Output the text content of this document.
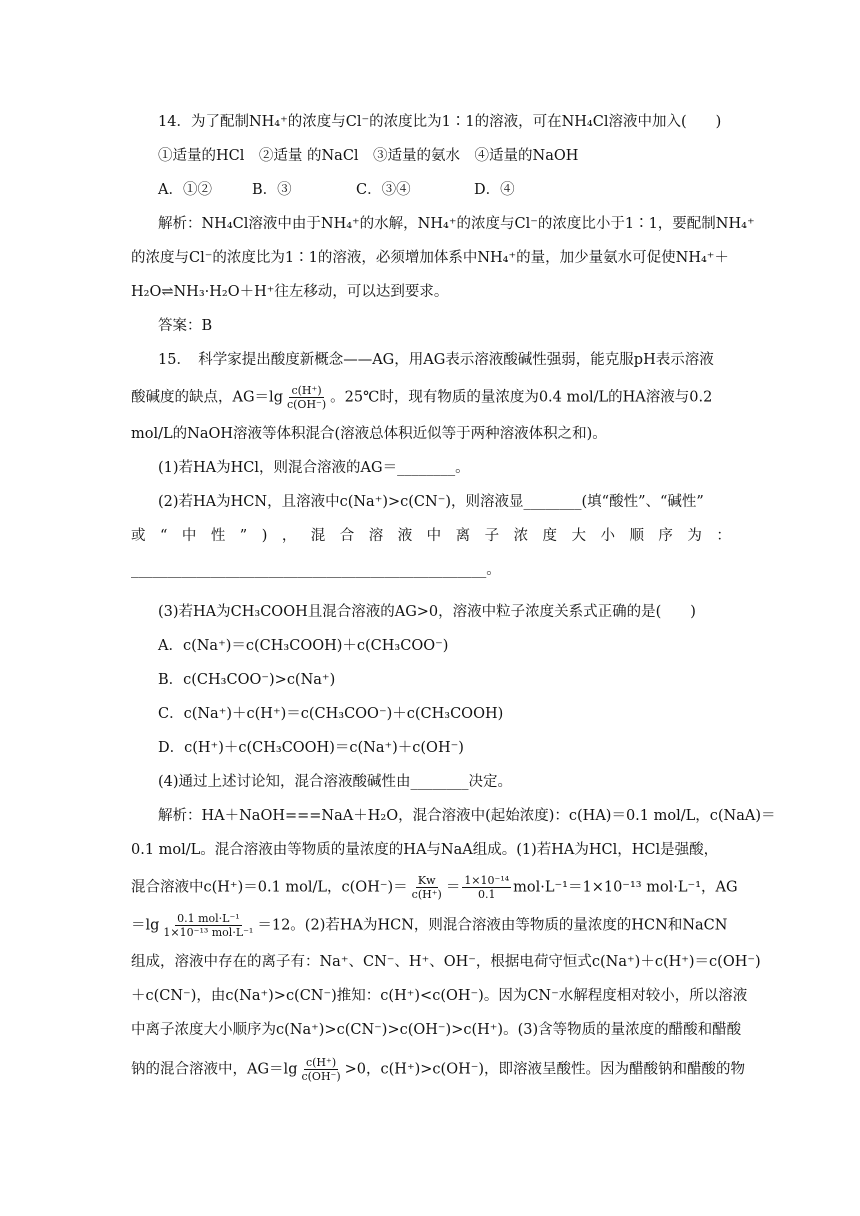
14．为了配制NH₄⁺的浓度与Cl⁻的浓度比为1∶1的溶液，可在NH₄Cl溶液中加入(　　)
①适量的HCl　②适量 的NaCl　③适量的氨水　④适量的NaOH
A．①②	B．③	C．③④	D．④
解析：NH₄Cl溶液中由于NH₄⁺的水解，NH₄⁺的浓度与Cl⁻的浓度比小于1∶1，要配制NH₄⁺
的浓度与Cl⁻的浓度比为1∶1的溶液，必须增加体系中NH₄⁺的量，加少量氨水可促使NH₄⁺＋
H₂O⇌NH₃·H₂O＋H⁺往左移动，可以达到要求。
答案：B
15．　科学家提出酸度新概念——AG，用AG表示溶液酸碱性强弱，能克服pH表示溶液
酸碱度的缺点，$AG=\lg \frac{c(H^+)}{c(OH^-)}$ 。25℃时，现有物质的量浓度为0.4 mol/L的HA溶液与0.2
mol/L的NaOH溶液等体积混合(溶液总体积近似等于两种溶液体积之和)。
(1)若HA为HCl，则混合溶液的AG＝________。
(2)若HA为HCN，且溶液中c(Na⁺)>c(CN⁻)，则溶液显________(填“酸性”、“碱性”
或 “ 中 性 ” ) ， 混 合 溶 液 中 离 子 浓 度 大 小 顺 序 为 ：
_________________________________________________。
(3)若HA为CH₃COOH且混合溶液的AG>0，溶液中粒子浓度关系式正确的是(　　)
A．c(Na⁺)＝c(CH₃COOH)＋c(CH₃COO⁻)
B．c(CH₃COO⁻)>c(Na⁺)
C．c(Na⁺)＋c(H⁺)＝c(CH₃COO⁻)＋c(CH₃COOH)
D．c(H⁺)＋c(CH₃COOH)＝c(Na⁺)＋c(OH⁻)
(4)通过上述讨论知，混合溶液酸碱性由________决定。
解析：HA＋NaOH===NaA＋H₂O，混合溶液中(起始浓度)：c(HA)＝0.1 mol/L，c(NaA)＝
0.1 mol/L。混合溶液由等物质的量浓度的HA与NaA组成。(1)若HA为HCl，HCl是强酸，
混合溶液中c(H⁺)＝0.1 mol/L，$c(OH^-)= \frac{Kw}{c(H^+)} = \frac{\text{1×10⁻¹⁴}}{0.1} mol\cdot L^{-1}=1\times 10^{-13}$ mol·L⁻¹，AG
$=\lg \frac{\text{0.1 mol·L⁻¹}}{\text{1×10⁻¹³ mol·L⁻¹}} =12$。(2)若HA为HCN，则混合溶液由等物质的量浓度的HCN和NaCN
组成，溶液中存在的离子有：Na⁺、CN⁻、H⁺、OH⁻，根据电荷守恒式c(Na⁺)＋c(H⁺)＝c(OH⁻)
＋c(CN⁻)，由c(Na⁺)>c(CN⁻)推知：c(H⁺)<c(OH⁻)。因为CN⁻水解程度相对较小，所以溶液
中离子浓度大小顺序为c(Na⁺)>c(CN⁻)>c(OH⁻)>c(H⁺)。(3)含等物质的量浓度的醋酸和醋酸
钠的混合溶液中，$AG=\lg \frac{c(H^+)}{c(OH^-)} >0$，c(H⁺)>c(OH⁻)，即溶液呈酸性。因为醋酸钠和醋酸的物
